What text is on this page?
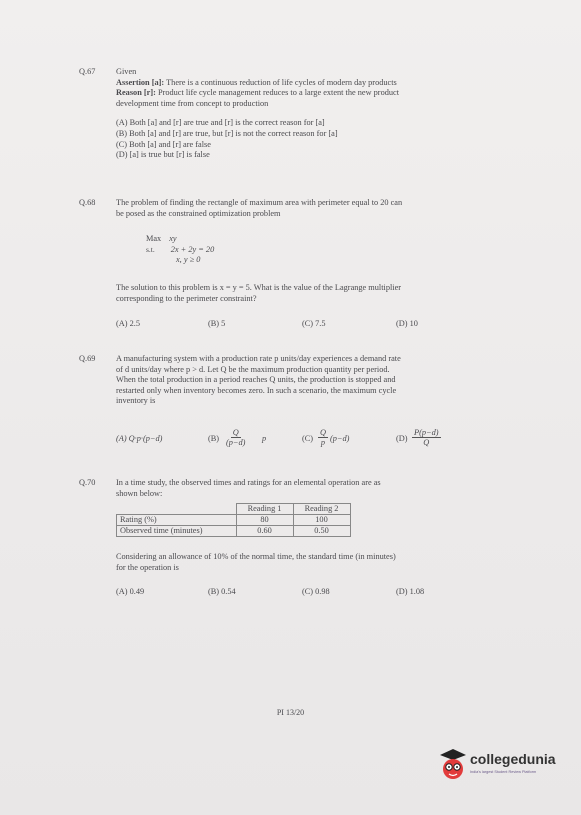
Q.67 Given
Assertion [a]: There is a continuous reduction of life cycles of modern day products
Reason [r]: Product life cycle management reduces to a large extent the new product
development time from concept to production
(A) Both [a] and [r] are true and [r] is the correct reason for [a]
(B) Both [a] and [r] are true, but [r] is not the correct reason for [a]
(C) Both [a] and [r] are false
(D) [a] is true but [r] is false
Q.68 The problem of finding the rectangle of maximum area with perimeter equal to 20 can
be posed as the constrained optimization problem
Max xy
s.t. 2x + 2y = 20
x, y ≥ 0
The solution to this problem is x = y = 5. What is the value of the Lagrange multiplier
corresponding to the perimeter constraint?
(A) 2.5	(B) 5	(C) 7.5	(D) 10
Q.69 A manufacturing system with a production rate p units/day experiences a demand rate
of d units/day where p > d. Let Q be the maximum production quantity per period.
When the total production in a period reaches Q units, the production is stopped and
restarted only when inventory becomes zero. In such a scenario, the maximum cycle
inventory is
(A) Q·p·(p−d)	$(B) \frac{Q}{(p-d)}$ p	$(C) \frac{Q}{p} (p-d)$	$(D) \frac{P(p-d)}{Q}$
Q.70 In a time study, the observed times and ratings for an elemental operation are as
shown below:
	Reading 1	Reading 2
Rating (%)	80	100
Observed time (minutes)	0.60	0.50
Considering an allowance of 10% of the normal time, the standard time (in minutes)
for the operation is
(A) 0.49	(B) 0.54	(C) 0.98	(D) 1.08
PI 13/20
collegedunia
India's largest Student Review Platform
